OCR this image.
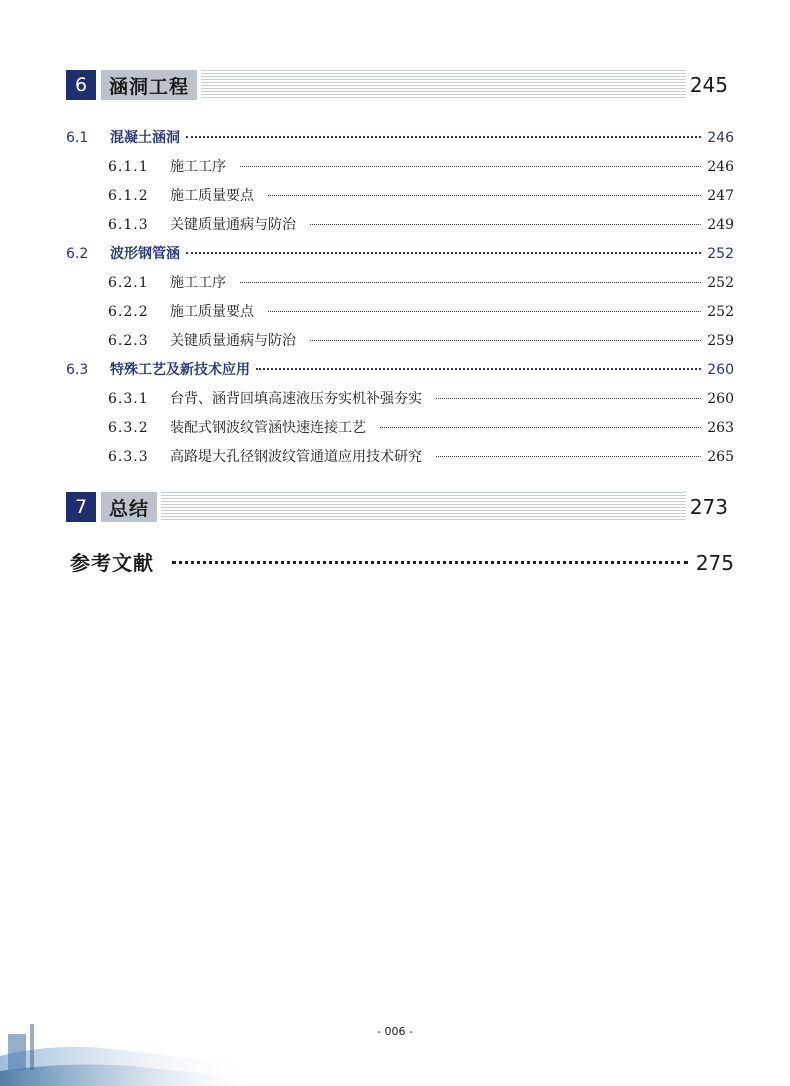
6	涵洞工程	245
6.1	混凝土涵洞	246
6.1.1	施工工序	246
6.1.2	施工质量要点	247
6.1.3	关键质量通病与防治	249
6.2	波形钢管涵	252
6.2.1	施工工序	252
6.2.2	施工质量要点	252
6.2.3	关键质量通病与防治	259
6.3	特殊工艺及新技术应用	260
6.3.1	台背、涵背回填高速液压夯实机补强夯实	260
6.3.2	装配式钢波纹管涵快速连接工艺	263
6.3.3	高路堤大孔径钢波纹管通道应用技术研究	265
7	总结	273
参考文献	275
- 006 -
